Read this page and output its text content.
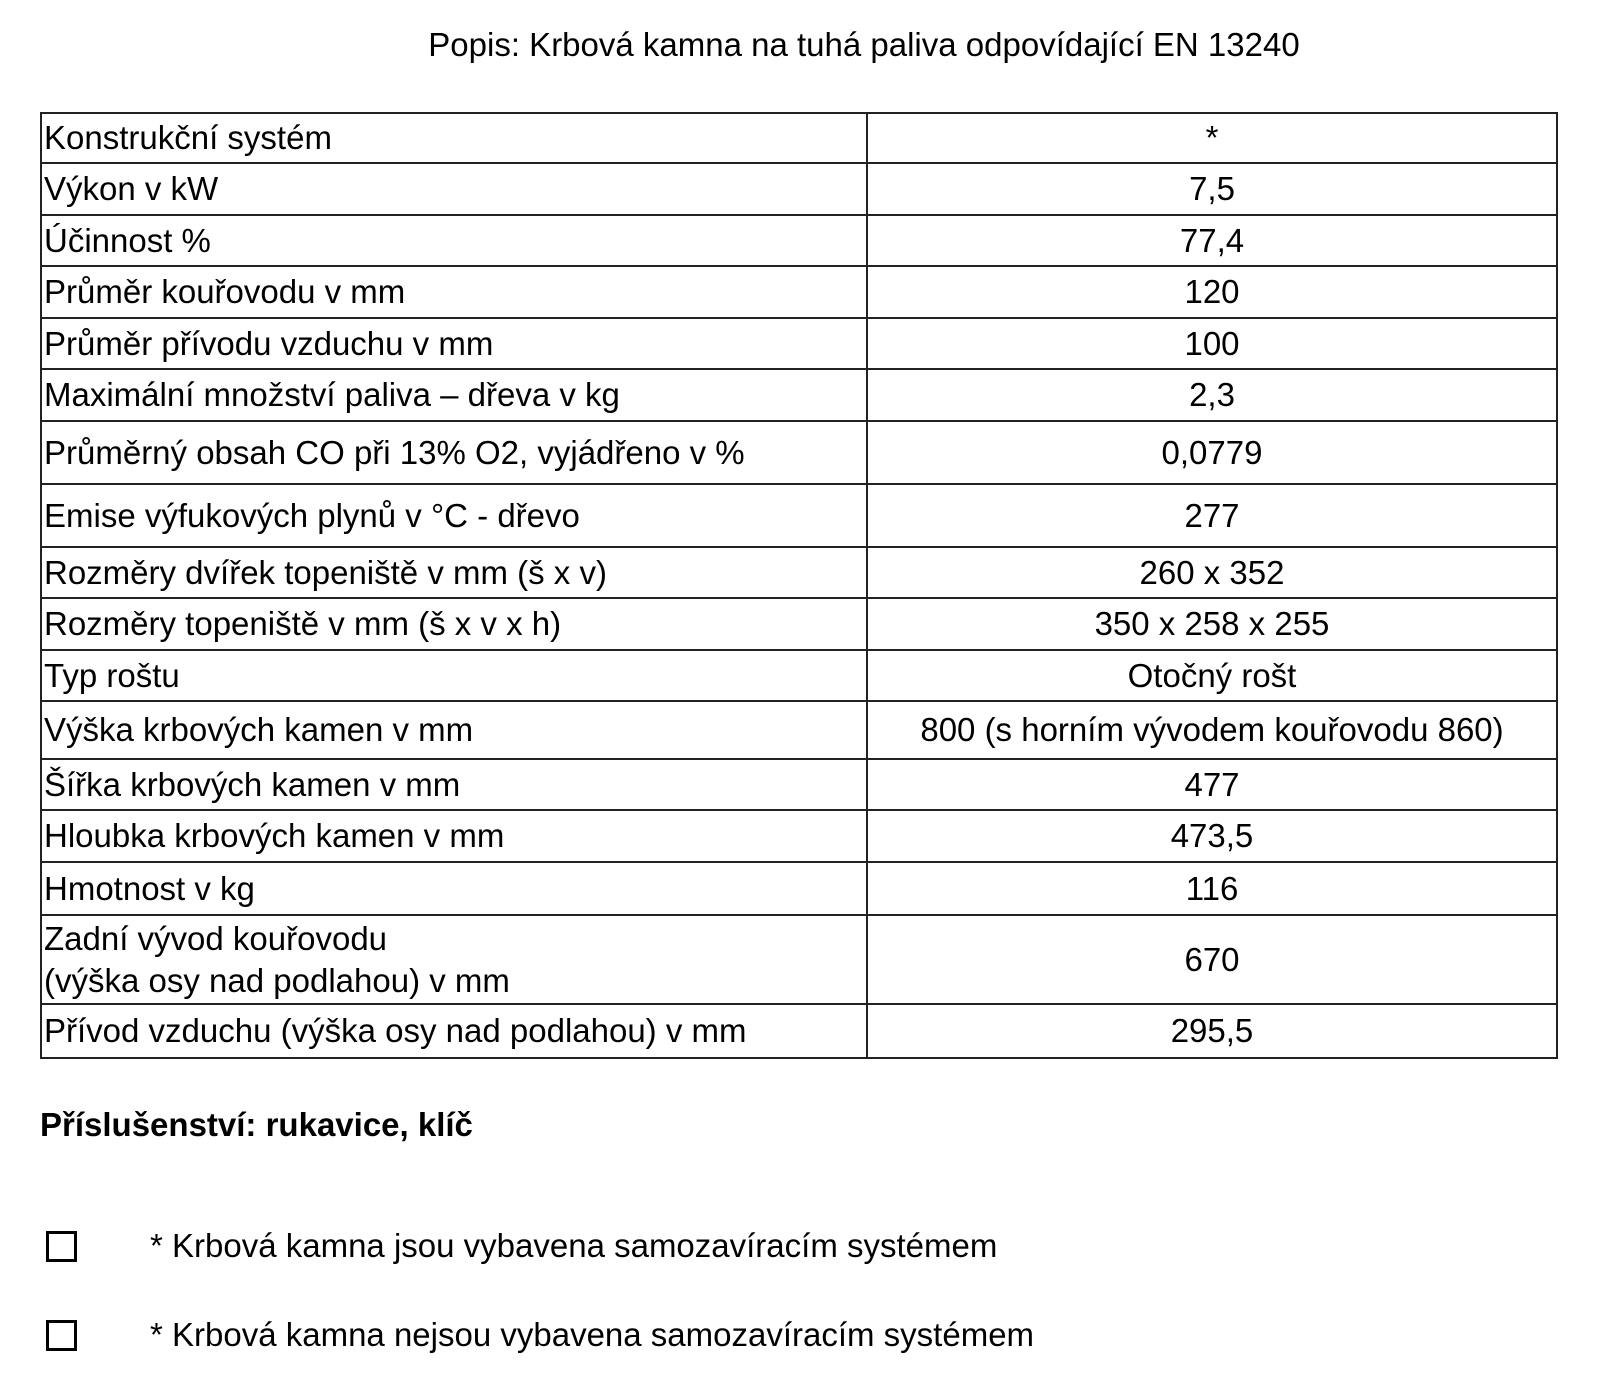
Popis: Krbová kamna na tuhá paliva odpovídající EN 13240
Konstrukční systém	*
Výkon v kW	7,5
Účinnost %	77,4
Průměr kouřovodu v mm	120
Průměr přívodu vzduchu v mm	100
Maximální množství paliva – dřeva v kg	2,3
Průměrný obsah CO při 13% O2, vyjádřeno v %	0,0779
Emise výfukových plynů v °C - dřevo	277
Rozměry dvířek topeniště v mm (š x v)	260 x 352
Rozměry topeniště v mm (š x v x h)	350 x 258 x 255
Typ roštu	Otočný rošt
Výška krbových kamen v mm	800 (s horním vývodem kouřovodu 860)
Šířka krbových kamen v mm	477
Hloubka krbových kamen v mm	473,5
Hmotnost v kg	116

Zadní vývod kouřovodu
(výška osy nad podlahou) v mm	670
Přívod vzduchu (výška osy nad podlahou) v mm	295,5
Příslušenství: rukavice, klíč
* Krbová kamna jsou vybavena samozavíracím systémem
* Krbová kamna nejsou vybavena samozavíracím systémem
